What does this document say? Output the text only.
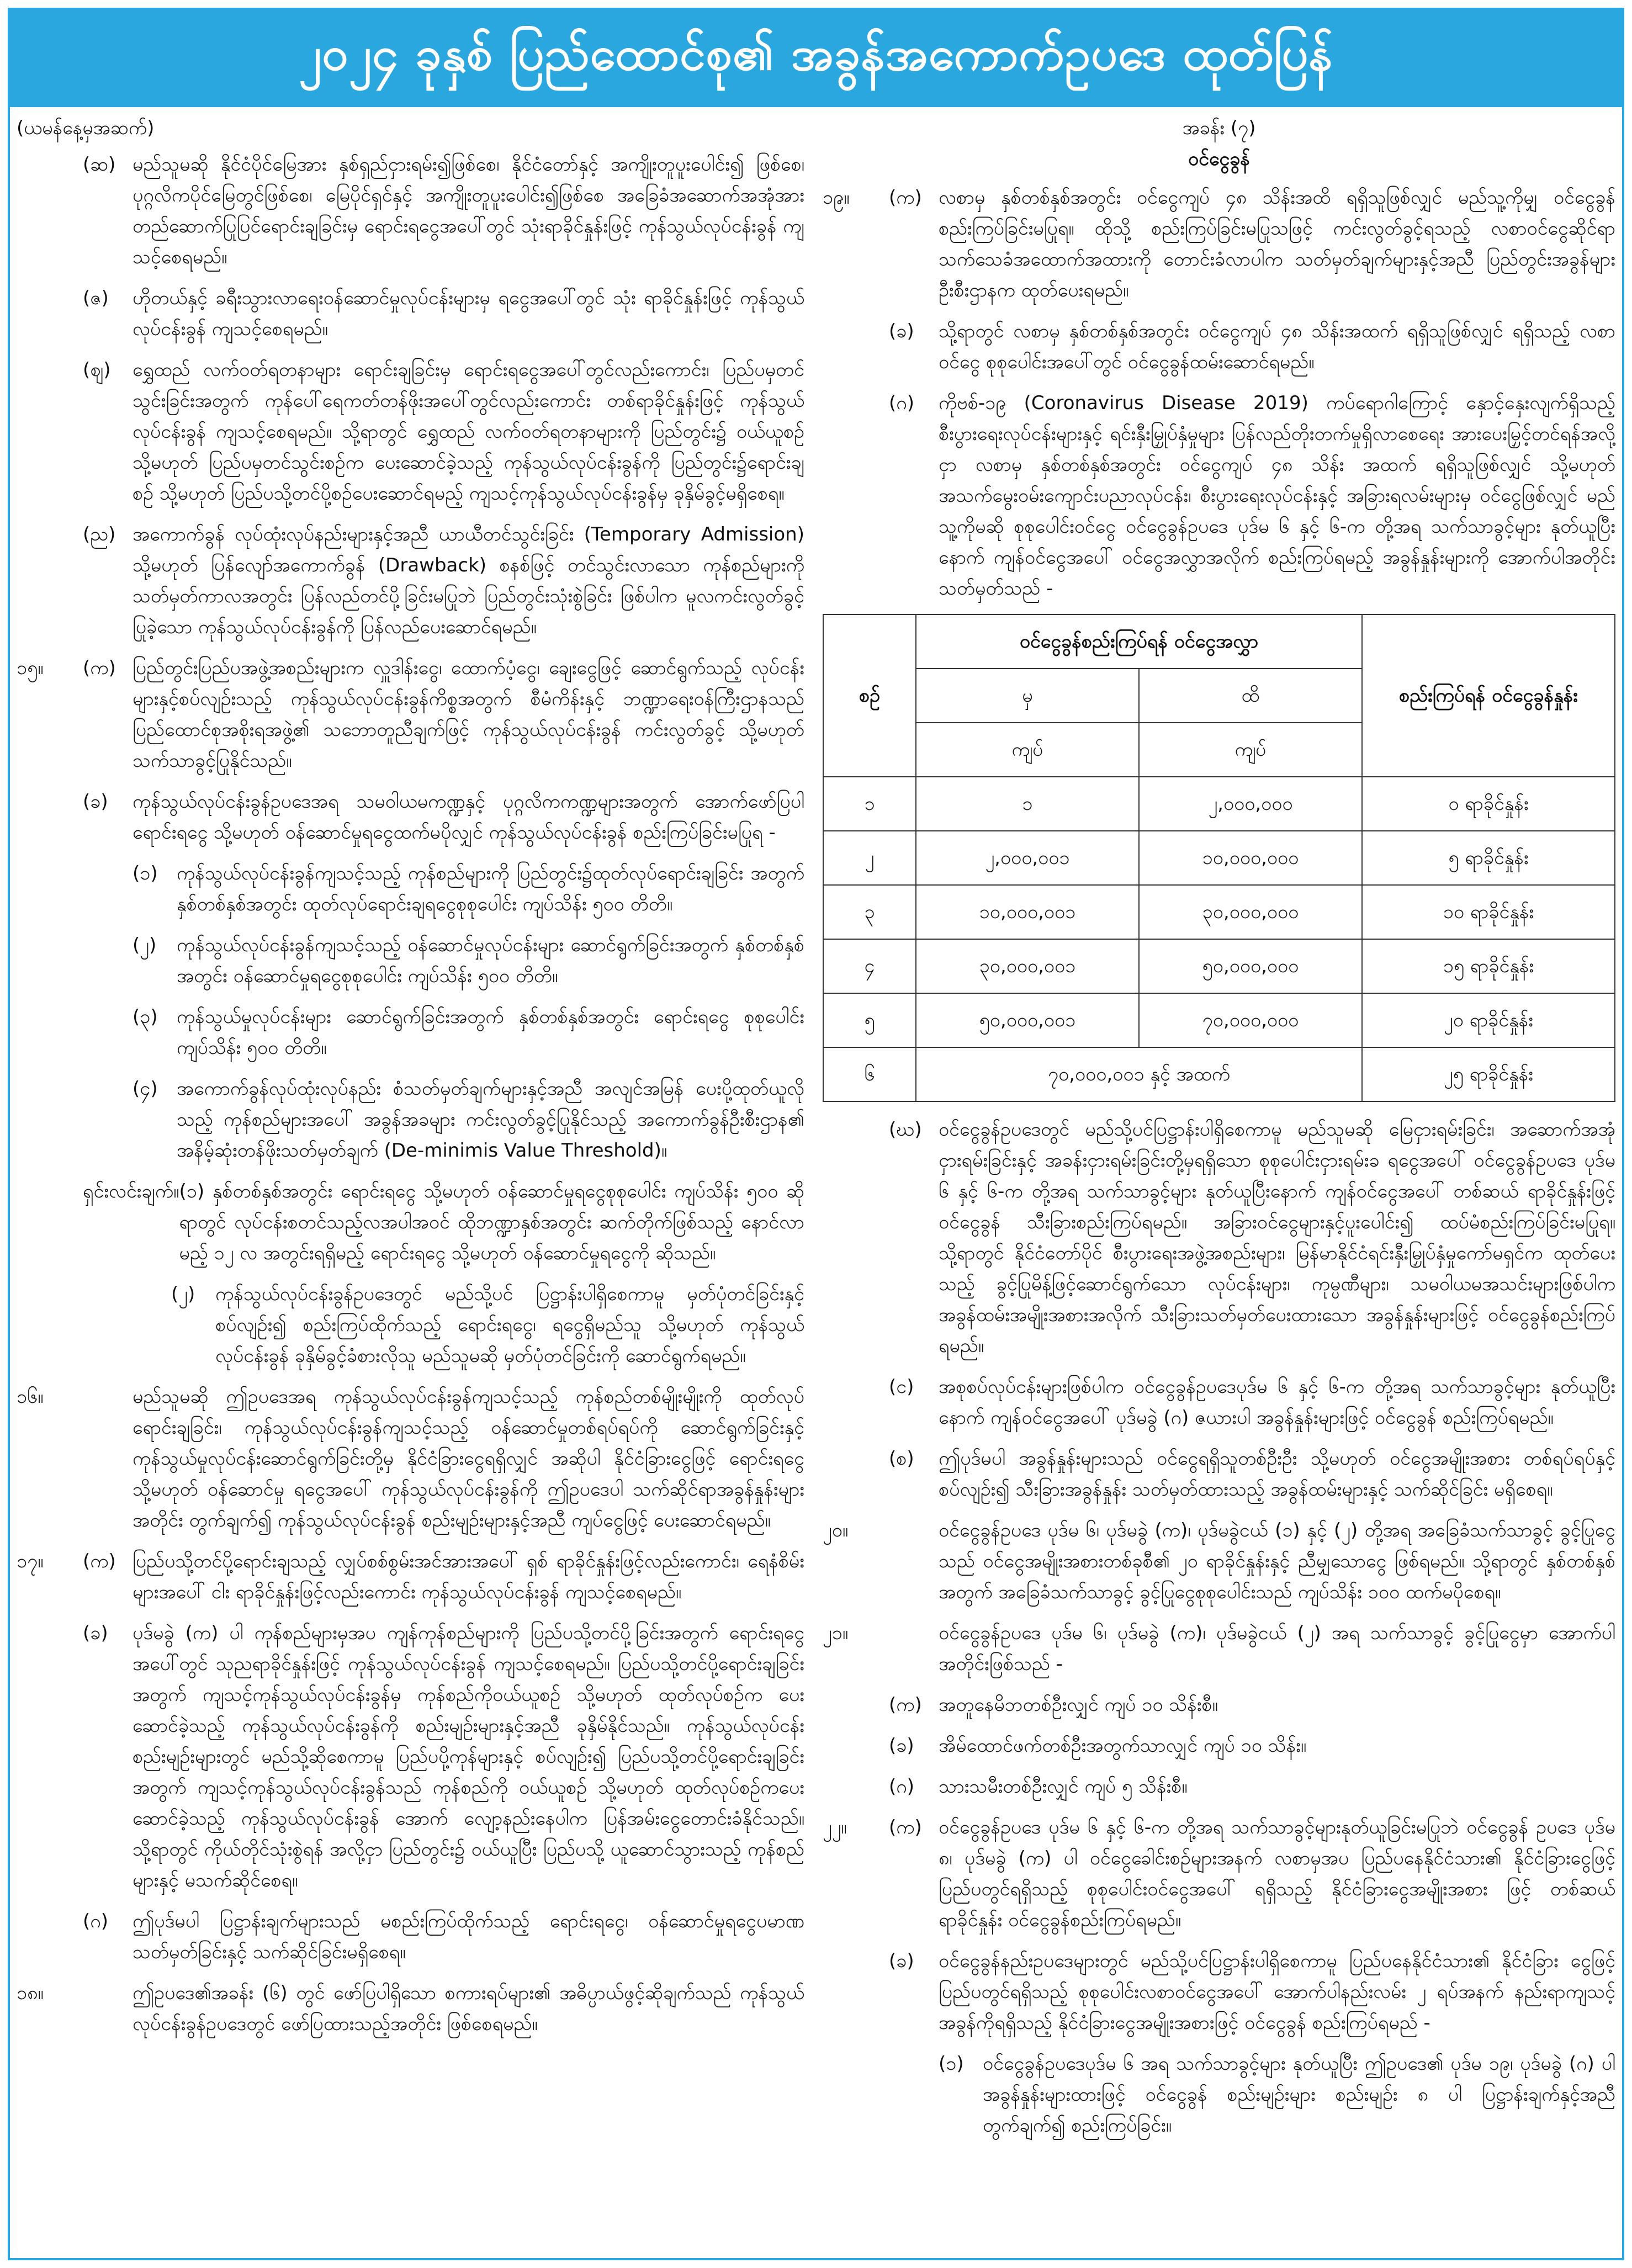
၂၀၂၄ ခုနှစ် ပြည်ထောင်စု၏ အခွန်အကောက်ဥပဒေ ထုတ်ပြန်
(ယမန်နေ့မှအဆက်)
(ဆ) မည်သူမဆို နိုင်ငံပိုင်မြေအား နှစ်ရှည်ငှားရမ်း၍ဖြစ်စေ၊ နိုင်ငံတော်နှင့် အကျိုးတူပူးပေါင်း၍ ဖြစ်စေ၊ ပုဂ္ဂလိကပိုင်မြေတွင်ဖြစ်စေ၊ မြေပိုင်ရှင်နှင့် အကျိုးတူပူးပေါင်း၍ဖြစ်စေ အခြေခံအဆောက်အအုံအား တည်ဆောက်ပြုပြင်ရောင်းချခြင်းမှ ရောင်းရငွေအပေါ်တွင် သုံးရာခိုင်နှုန်းဖြင့် ကုန်သွယ်လုပ်ငန်းခွန် ကျသင့်စေရမည်။
(ဇ)	ဟိုတယ်နှင့် ခရီးသွားလာရေးဝန်ဆောင်မှုလုပ်ငန်းများမှ ရငွေအပေါ်တွင် သုံး ရာခိုင်နှုန်းဖြင့် ကုန်သွယ်လုပ်ငန်းခွန် ကျသင့်စေရမည်။
(ဈ)	ရွှေထည် လက်ဝတ်ရတနာများ ရောင်းချခြင်းမှ ရောင်းရငွေအပေါ်တွင်လည်းကောင်း၊ ပြည်ပမှတင်သွင်းခြင်းအတွက် ကုန်ပေါ်ရေကတ်တန်ဖိုးအပေါ်တွင်လည်းကောင်း တစ်ရာခိုင်နှုန်းဖြင့် ကုန်သွယ်လုပ်ငန်းခွန် ကျသင့်စေရမည်။ သို့ရာတွင် ရွှေထည် လက်ဝတ်ရတနာများကို ပြည်တွင်း၌ ဝယ်ယူစဉ် သို့မဟုတ် ပြည်ပမှတင်သွင်းစဉ်က ပေးဆောင်ခဲ့သည့် ကုန်သွယ်လုပ်ငန်းခွန်ကို ပြည်တွင်း၌ရောင်းချစဉ် သို့မဟုတ် ပြည်ပသို့တင်ပို့စဉ်ပေးဆောင်ရမည့် ကျသင့်ကုန်သွယ်လုပ်ငန်းခွန်မှ ခုနှိမ်ခွင့်မရှိစေရ။
(ည) အကောက်ခွန် လုပ်ထုံးလုပ်နည်းများနှင့်အညီ ယာယီတင်သွင်းခြင်း (Temporary Admission) သို့မဟုတ် ပြန်လျော်အကောက်ခွန် (Drawback) စနစ်ဖြင့် တင်သွင်းလာသော ကုန်စည်များကို သတ်မှတ်ကာလအတွင်း ပြန်လည်တင်ပို့ခြင်းမပြုဘဲ ပြည်တွင်းသုံးစွဲခြင်း ဖြစ်ပါက မူလကင်းလွတ်ခွင့် ပြုခဲ့သော ကုန်သွယ်လုပ်ငန်းခွန်ကို ပြန်လည်ပေးဆောင်ရမည်။
၁၅။	(က) ပြည်တွင်းပြည်ပအဖွဲ့အစည်းများက လှူဒါန်းငွေ၊ ထောက်ပံ့ငွေ၊ ချေးငွေဖြင့် ဆောင်ရွက်သည့် လုပ်ငန်းများနှင့်စပ်လျဉ်းသည့် ကုန်သွယ်လုပ်ငန်းခွန်ကိစ္စအတွက် စီမံကိန်းနှင့် ဘဏ္ဍာရေးဝန်ကြီးဌာနသည် ပြည်ထောင်စုအစိုးရအဖွဲ့၏ သဘောတူညီချက်ဖြင့် ကုန်သွယ်လုပ်ငန်းခွန် ကင်းလွတ်ခွင့် သို့မဟုတ် သက်သာခွင့်ပြုနိုင်သည်။
(ခ)	ကုန်သွယ်လုပ်ငန်းခွန်ဥပဒေအရ သမဝါယမကဏ္ဍနှင့် ပုဂ္ဂလိကကဏ္ဍများအတွက် အောက်ဖော်ပြပါ ရောင်းရငွေ သို့မဟုတ် ဝန်ဆောင်မှုရငွေထက်မပိုလျှင် ကုန်သွယ်လုပ်ငန်းခွန် စည်းကြပ်ခြင်းမပြုရ -
(၁)	ကုန်သွယ်လုပ်ငန်းခွန်ကျသင့်သည့် ကုန်စည်များကို ပြည်တွင်း၌ထုတ်လုပ်ရောင်းချခြင်း အတွက် နှစ်တစ်နှစ်အတွင်း ထုတ်လုပ်ရောင်းချရငွေစုစုပေါင်း ကျပ်သိန်း ၅၀၀ တိတိ။
(၂)	ကုန်သွယ်လုပ်ငန်းခွန်ကျသင့်သည့် ဝန်ဆောင်မှုလုပ်ငန်းများ ဆောင်ရွက်ခြင်းအတွက် နှစ်တစ်နှစ်အတွင်း ဝန်ဆောင်မှုရငွေစုစုပေါင်း ကျပ်သိန်း ၅၀၀ တိတိ။
(၃)	ကုန်သွယ်မှုလုပ်ငန်းများ ဆောင်ရွက်ခြင်းအတွက် နှစ်တစ်နှစ်အတွင်း ရောင်းရငွေ စုစုပေါင်း ကျပ်သိန်း ၅၀၀ တိတိ။
(၄)	အကောက်ခွန်လုပ်ထုံးလုပ်နည်း စံသတ်မှတ်ချက်များနှင့်အညီ အလျင်အမြန် ပေးပို့ထုတ်ယူလိုသည့် ကုန်စည်များအပေါ် အခွန်အခများ ကင်းလွတ်ခွင့်ပြုနိုင်သည့် အကောက်ခွန်ဦးစီးဌာန၏ အနိမ့်ဆုံးတန်ဖိုးသတ်မှတ်ချက် (De-minimis Value Threshold)။
ရှင်းလင်းချက်။ (၁) နှစ်တစ်နှစ်အတွင်း ရောင်းရငွေ သို့မဟုတ် ဝန်ဆောင်မှုရငွေစုစုပေါင်း ကျပ်သိန်း ၅၀၀ ဆိုရာတွင် လုပ်ငန်းစတင်သည့်လအပါအဝင် ထိုဘဏ္ဍာနှစ်အတွင်း ဆက်တိုက်ဖြစ်သည့် နောင်လာမည့် ၁၂ လ အတွင်းရရှိမည့် ရောင်းရငွေ သို့မဟုတ် ဝန်ဆောင်မှုရငွေကို ဆိုသည်။
(၂)	ကုန်သွယ်လုပ်ငန်းခွန်ဥပဒေတွင် မည်သို့ပင် ပြဋ္ဌာန်းပါရှိစေကာမူ မှတ်ပုံတင်ခြင်းနှင့်စပ်လျဉ်း၍ စည်းကြပ်ထိုက်သည့် ရောင်းရငွေ၊ ရငွေရှိမည်သူ သို့မဟုတ် ကုန်သွယ်လုပ်ငန်းခွန် ခုနှိမ်ခွင့်ခံစားလိုသူ မည်သူမဆို မှတ်ပုံတင်ခြင်းကို ဆောင်ရွက်ရမည်။
၁၆။	မည်သူမဆို ဤဥပဒေအရ ကုန်သွယ်လုပ်ငန်းခွန်ကျသင့်သည့် ကုန်စည်တစ်မျိုးမျိုးကို ထုတ်လုပ်ရောင်းချခြင်း၊ ကုန်သွယ်လုပ်ငန်းခွန်ကျသင့်သည့် ဝန်ဆောင်မှုတစ်ရပ်ရပ်ကို ဆောင်ရွက်ခြင်းနှင့် ကုန်သွယ်မှုလုပ်ငန်းဆောင်ရွက်ခြင်းတို့မှ နိုင်ငံခြားငွေရရှိလျှင် အဆိုပါ နိုင်ငံခြားငွေဖြင့် ရောင်းရငွေ သို့မဟုတ် ဝန်ဆောင်မှု ရငွေအပေါ် ကုန်သွယ်လုပ်ငန်းခွန်ကို ဤဥပဒေပါ သက်ဆိုင်ရာအခွန်နှုန်းများအတိုင်း တွက်ချက်၍ ကုန်သွယ်လုပ်ငန်းခွန် စည်းမျဉ်းများနှင့်အညီ ကျပ်ငွေဖြင့် ပေးဆောင်ရမည်။
၁၇။	(က) ပြည်ပသို့တင်ပို့ရောင်းချသည့် လျှပ်စစ်စွမ်းအင်အားအပေါ် ရှစ် ရာခိုင်နှုန်းဖြင့်လည်းကောင်း၊ ရေနံစိမ်းများအပေါ် ငါး ရာခိုင်နှုန်းဖြင့်လည်းကောင်း ကုန်သွယ်လုပ်ငန်းခွန် ကျသင့်စေရမည်။
(ခ)	ပုဒ်မခွဲ (က) ပါ ကုန်စည်များမှအပ ကျန်ကုန်စည်များကို ပြည်ပသို့တင်ပို့ခြင်းအတွက် ရောင်းရငွေအပေါ်တွင် သုညရာခိုင်နှုန်းဖြင့် ကုန်သွယ်လုပ်ငန်းခွန် ကျသင့်စေရမည်။ ပြည်ပသို့တင်ပို့ရောင်းချခြင်းအတွက် ကျသင့်ကုန်သွယ်လုပ်ငန်းခွန်မှ ကုန်စည်ကိုဝယ်ယူစဉ် သို့မဟုတ် ထုတ်လုပ်စဉ်က ပေးဆောင်ခဲ့သည့် ကုန်သွယ်လုပ်ငန်းခွန်ကို စည်းမျဉ်းများနှင့်အညီ ခုနှိမ်နိုင်သည်။ ကုန်သွယ်လုပ်ငန်းစည်းမျဉ်းများတွင် မည်သို့ဆိုစေကာမူ ပြည်ပပို့ကုန်များနှင့် စပ်လျဉ်း၍ ပြည်ပသို့တင်ပို့ရောင်းချခြင်းအတွက် ကျသင့်ကုန်သွယ်လုပ်ငန်းခွန်သည် ကုန်စည်ကို ဝယ်ယူစဉ် သို့မဟုတ် ထုတ်လုပ်စဉ်ကပေးဆောင်ခဲ့သည့် ကုန်သွယ်လုပ်ငန်းခွန် အောက် လျော့နည်းနေပါက ပြန်အမ်းငွေတောင်းခံနိုင်သည်။ သို့ရာတွင် ကိုယ်တိုင်သုံးစွဲရန် အလို့ငှာ ပြည်တွင်း၌ ဝယ်ယူပြီး ပြည်ပသို့ ယူဆောင်သွားသည့် ကုန်စည်များနှင့် မသက်ဆိုင်စေရ။
(ဂ)	ဤပုဒ်မပါ ပြဋ္ဌာန်းချက်များသည် မစည်းကြပ်ထိုက်သည့် ရောင်းရငွေ၊ ဝန်ဆောင်မှုရငွေပမာဏ သတ်မှတ်ခြင်းနှင့် သက်ဆိုင်ခြင်းမရှိစေရ။
၁၈။	ဤဥပဒေ၏အခန်း (၆) တွင် ဖော်ပြပါရှိသော စကားရပ်များ၏ အဓိပ္ပာယ်ဖွင့်ဆိုချက်သည် ကုန်သွယ်လုပ်ငန်းခွန်ဥပဒေတွင် ဖော်ပြထားသည့်အတိုင်း ဖြစ်စေရမည်။
အခန်း (၇)
ဝင်ငွေခွန်
၁၉။	(က) လစာမှ နှစ်တစ်နှစ်အတွင်း ဝင်ငွေကျပ် ၄၈ သိန်းအထိ ရရှိသူဖြစ်လျှင် မည်သူ့ကိုမျှ ဝင်ငွေခွန် စည်းကြပ်ခြင်းမပြုရ။ ထိုသို့ စည်းကြပ်ခြင်းမပြုသဖြင့် ကင်းလွတ်ခွင့်ရသည့် လစာဝင်ငွေဆိုင်ရာ သက်သေခံအထောက်အထားကို တောင်းခံလာပါက သတ်မှတ်ချက်များနှင့်အညီ ပြည်တွင်းအခွန်များဦးစီးဌာနက ထုတ်ပေးရမည်။
(ခ)	သို့ရာတွင် လစာမှ နှစ်တစ်နှစ်အတွင်း ဝင်ငွေကျပ် ၄၈ သိန်းအထက် ရရှိသူဖြစ်လျှင် ရရှိသည့် လစာဝင်ငွေ စုစုပေါင်းအပေါ်တွင် ဝင်ငွေခွန်ထမ်းဆောင်ရမည်။
(ဂ)	ကိုဗစ်-၁၉ (Coronavirus Disease 2019) ကပ်ရောဂါကြောင့် နှောင့်နှေးလျက်ရှိသည့် စီးပွားရေးလုပ်ငန်းများနှင့် ရင်းနှီးမြှုပ်နှံမှုများ ပြန်လည်တိုးတက်မှုရှိလာစေရေး အားပေးမြှင့်တင်ရန်အလို့ငှာ လစာမှ နှစ်တစ်နှစ်အတွင်း ဝင်ငွေကျပ် ၄၈ သိန်း အထက် ရရှိသူဖြစ်လျှင် သို့မဟုတ် အသက်မွေးဝမ်းကျောင်းပညာလုပ်ငန်း၊ စီးပွားရေးလုပ်ငန်းနှင့် အခြားရလမ်းများမှ ဝင်ငွေဖြစ်လျှင် မည်သူ့ကိုမဆို စုစုပေါင်းဝင်ငွေ ဝင်ငွေခွန်ဥပဒေ ပုဒ်မ ၆ နှင့် ၆-က တို့အရ သက်သာခွင့်များ နုတ်ယူပြီးနောက် ကျန်ဝင်ငွေအပေါ် ဝင်ငွေအလွှာအလိုက် စည်းကြပ်ရမည့် အခွန်နှုန်းများကို အောက်ပါအတိုင်းသတ်မှတ်သည် -
စဉ်	ဝင်ငွေခွန်စည်းကြပ်ရန် ဝင်ငွေအလွှာ		စည်းကြပ်ရန် ဝင်ငွေခွန်နှုန်း
	မှ	ထိ	
	ကျပ်	ကျပ်	
၁	၁	၂,၀၀၀,၀၀၀	၀ ရာခိုင်နှုန်း
၂	၂,၀၀၀,၀၀၁	၁၀,၀၀၀,၀၀၀	၅ ရာခိုင်နှုန်း
၃	၁၀,၀၀၀,၀၀၁	၃၀,၀၀၀,၀၀၀	၁၀ ရာခိုင်နှုန်း
၄	၃၀,၀၀၀,၀၀၁	၅၀,၀၀၀,၀၀၀	၁၅ ရာခိုင်နှုန်း
၅	၅၀,၀၀၀,၀၀၁	၇၀,၀၀၀,၀၀၀	၂၀ ရာခိုင်နှုန်း
၆	၇၀,၀၀၀,၀၀၁ နှင့် အထက်		၂၅ ရာခိုင်နှုန်း
(ဃ) ဝင်ငွေခွန်ဥပဒေတွင် မည်သို့ပင်ပြဋ္ဌာန်းပါရှိစေကာမူ မည်သူမဆို မြေငှားရမ်းခြင်း၊ အဆောက်အအုံငှားရမ်းခြင်းနှင့် အခန်းငှားရမ်းခြင်းတို့မှရရှိသော စုစုပေါင်းငှားရမ်းခ ရငွေအပေါ် ဝင်ငွေခွန်ဥပဒေ ပုဒ်မ ၆ နှင့် ၆-က တို့အရ သက်သာခွင့်များ နုတ်ယူပြီးနောက် ကျန်ဝင်ငွေအပေါ် တစ်ဆယ် ရာခိုင်နှုန်းဖြင့် ဝင်ငွေခွန် သီးခြားစည်းကြပ်ရမည်။ အခြားဝင်ငွေများနှင့်ပူးပေါင်း၍ ထပ်မံစည်းကြပ်ခြင်းမပြုရ။ သို့ရာတွင် နိုင်ငံတော်ပိုင် စီးပွားရေးအဖွဲ့အစည်းများ၊ မြန်မာနိုင်ငံရင်းနှီးမြှုပ်နှံမှုကော်မရှင်က ထုတ်ပေးသည့် ခွင့်ပြုမိန့်ဖြင့်ဆောင်ရွက်သော လုပ်ငန်းများ၊ ကုမ္ပဏီများ၊ သမဝါယမအသင်းများဖြစ်ပါက အခွန်ထမ်းအမျိုးအစားအလိုက် သီးခြားသတ်မှတ်ပေးထားသော အခွန်နှုန်းများဖြင့် ဝင်ငွေခွန်စည်းကြပ်ရမည်။
(င)	အစုစပ်လုပ်ငန်းများဖြစ်ပါက ဝင်ငွေခွန်ဥပဒေပုဒ်မ ၆ နှင့် ၆-က တို့အရ သက်သာခွင့်များ နုတ်ယူပြီးနောက် ကျန်ဝင်ငွေအပေါ် ပုဒ်မခွဲ (ဂ) ဇယားပါ အခွန်နှုန်းများဖြင့် ဝင်ငွေခွန် စည်းကြပ်ရမည်။
(စ)	ဤပုဒ်မပါ အခွန်နှုန်းများသည် ဝင်ငွေရရှိသူတစ်ဦးဦး သို့မဟုတ် ဝင်ငွေအမျိုးအစား တစ်ရပ်ရပ်နှင့်စပ်လျဉ်း၍ သီးခြားအခွန်နှုန်း သတ်မှတ်ထားသည့် အခွန်ထမ်းများနှင့် သက်ဆိုင်ခြင်း မရှိစေရ။
၂၀။	ဝင်ငွေခွန်ဥပဒေ ပုဒ်မ ၆၊ ပုဒ်မခွဲ (က)၊ ပုဒ်မခွဲငယ် (၁) နှင့် (၂) တို့အရ အခြေခံသက်သာခွင့် ခွင့်ပြုငွေသည် ဝင်ငွေအမျိုးအစားတစ်ခုစီ၏ ၂၀ ရာခိုင်နှုန်းနှင့် ညီမျှသောငွေ ဖြစ်ရမည်။ သို့ရာတွင် နှစ်တစ်နှစ်အတွက် အခြေခံသက်သာခွင့် ခွင့်ပြုငွေစုစုပေါင်းသည် ကျပ်သိန်း ၁၀၀ ထက်မပိုစေရ။
၂၁။	ဝင်ငွေခွန်ဥပဒေ ပုဒ်မ ၆၊ ပုဒ်မခွဲ (က)၊ ပုဒ်မခွဲငယ် (၂) အရ သက်သာခွင့် ခွင့်ပြုငွေမှာ အောက်ပါအတိုင်းဖြစ်သည် -
(က) အတူနေမိဘတစ်ဦးလျှင် ကျပ် ၁၀ သိန်းစီ။
(ခ)	အိမ်ထောင်ဖက်တစ်ဦးအတွက်သာလျှင် ကျပ် ၁၀ သိန်း။
(ဂ)	သားသမီးတစ်ဦးလျှင် ကျပ် ၅ သိန်းစီ။
၂၂။	(က) ဝင်ငွေခွန်ဥပဒေ ပုဒ်မ ၆ နှင့် ၆-က တို့အရ သက်သာခွင့်များနုတ်ယူခြင်းမပြုဘဲ ဝင်ငွေခွန် ဥပဒေ ပုဒ်မ ၈၊ ပုဒ်မခွဲ (က) ပါ ဝင်ငွေခေါင်းစဉ်များအနက် လစာမှအပ ပြည်ပနေနိုင်ငံသား၏ နိုင်ငံခြားငွေဖြင့် ပြည်ပတွင်ရရှိသည့် စုစုပေါင်းဝင်ငွေအပေါ် ရရှိသည့် နိုင်ငံခြားငွေအမျိုးအစား ဖြင့် တစ်ဆယ် ရာခိုင်နှုန်း ဝင်ငွေခွန်စည်းကြပ်ရမည်။
(ခ)	ဝင်ငွေခွန်နည်းဥပဒေများတွင် မည်သို့ပင်ပြဋ္ဌာန်းပါရှိစေကာမူ ပြည်ပနေနိုင်ငံသား၏ နိုင်ငံခြား ငွေဖြင့် ပြည်ပတွင်ရရှိသည့် စုစုပေါင်းလစာဝင်ငွေအပေါ် အောက်ပါနည်းလမ်း ၂ ရပ်အနက် နည်းရာကျသင့်အခွန်ကိုရရှိသည့် နိုင်ငံခြားငွေအမျိုးအစားဖြင့် ဝင်ငွေခွန် စည်းကြပ်ရမည် -
(၁)	ဝင်ငွေခွန်ဥပဒေပုဒ်မ ၆ အရ သက်သာခွင့်များ နုတ်ယူပြီး ဤဥပဒေ၏ ပုဒ်မ ၁၉၊ ပုဒ်မခွဲ (ဂ) ပါ အခွန်နှုန်းများထားဖြင့် ဝင်ငွေခွန် စည်းမျဉ်းများ စည်းမျဉ်း ၈ ပါ ပြဋ္ဌာန်းချက်နှင့်အညီ တွက်ချက်၍ စည်းကြပ်ခြင်း။
